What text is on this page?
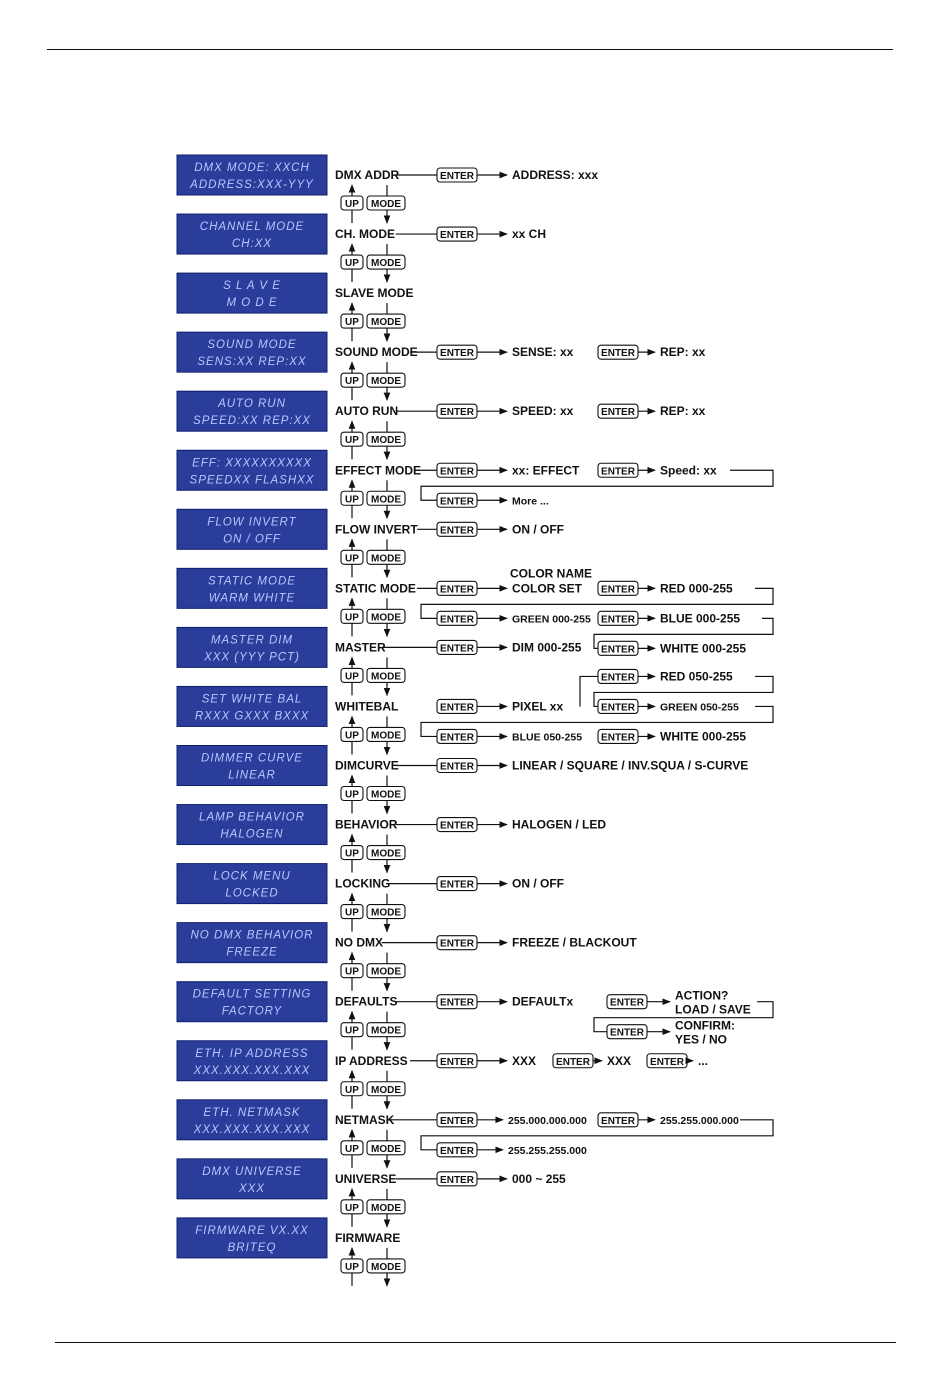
DMX MODE: XXCH
ADDRESS:XXX-YYY
DMX ADDR
UP MODE
ENTER	ADDRESS: xxx
CHANNEL MODE
CH:XX
CH. MODE
UP MODE
ENTER	xx CH
S L A V E
M O D E
SLAVE MODE
UP MODE
SOUND MODE
SENS:XX REP:XX
SOUND MODE
UP MODE
ENTER	SENSE: xx	ENTER REP: xx
AUTO RUN
SPEED:XX REP:XX
AUTO RUN
UP MODE
ENTER	SPEED: xx	ENTER REP: xx
EFF: XXXXXXXXXX
SPEEDXX FLASHXX
EFFECT MODE
UP MODE
ENTER	xx: EFFECT ENTER Speed: xx
ENTER	More ...
FLOW INVERT
ON / OFF
FLOW INVERT
UP MODE
ENTER	ON / OFF
STATIC MODE
WARM WHITE
STATIC MODE
COLOR NAME
UP MODE
ENTER	COLOR SET ENTER RED 000-255
ENTER	GREEN 000-255 ENTER BLUE 000-255
ENTER WHITE 000-255
MASTER DIM
XXX (YYY PCT)
MASTER
UP MODE
ENTER	DIM 000-255
SET WHITE BAL
RXXX GXXX BXXX
WHITEBAL
UP MODE
ENTER RED 050-255
ENTER	PIXEL xx	ENTER GREEN 050-255
ENTER	BLUE 050-255 ENTER WHITE 000-255
DIMMER CURVE
LINEAR
DIMCURVE
UP MODE
ENTER	LINEAR / SQUARE / INV.SQUA / S-CURVE
LAMP BEHAVIOR
HALOGEN
BEHAVIOR
UP MODE
ENTER	HALOGEN / LED
LOCK MENU
LOCKED
LOCKING
UP MODE
ENTER	ON / OFF
NO DMX BEHAVIOR
FREEZE
NO DMX
UP MODE
ENTER	FREEZE / BLACKOUT
DEFAULT SETTING
FACTORY
DEFAULTS
UP MODE
ENTER	DEFAULTx	ENTER
ACTION?
LOAD / SAVE
ENTER
CONFIRM:
YES / NO
ETH. IP ADDRESS
XXX.XXX.XXX.XXX
IP ADDRESS
UP MODE
ENTER	XXX ENTER XXX ENTER ...
ETH. NETMASK
XXX.XXX.XXX.XXX
NETMASK
UP MODE
ENTER	255.000.000.000 ENTER 255.255.000.000
ENTER	255.255.255.000
DMX UNIVERSE
XXX
UNIVERSE
UP MODE
ENTER	000 ~ 255
FIRMWARE VX.XX
BRITEQ
FIRMWARE
UP MODE
